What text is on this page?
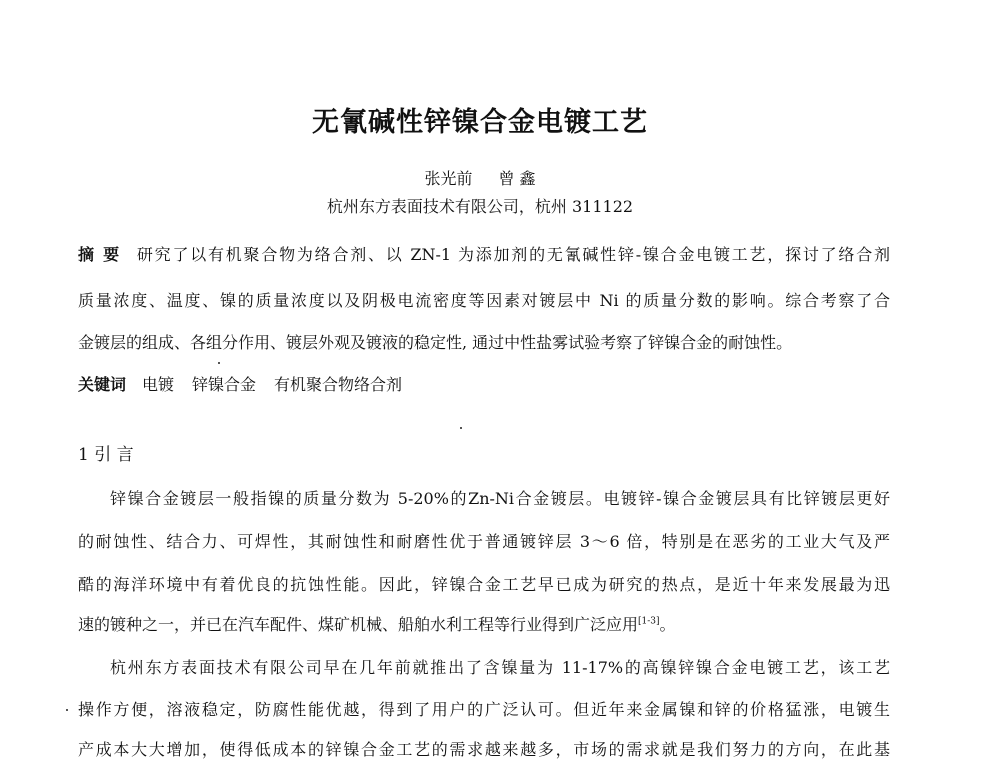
无氰碱性锌镍合金电镀工艺
张光前 曾 鑫
杭州东方表面技术有限公司，杭州 311122
摘 要 研究了以有机聚合物为络合剂、以 ZN-1 为添加剂的无氰碱性锌-镍合金电镀工艺，探讨了络合剂
质量浓度、温度、镍的质量浓度以及阴极电流密度等因素对镀层中 Ni 的质量分数的影响。综合考察了合
金镀层的组成、各组分作用、镀层外观及镀液的稳定性, 通过中性盐雾试验考察了锌镍合金的耐蚀性。
关键词 电镀 锌镍合金 有机聚合物络合剂
1 引 言
锌镍合金镀层一般指镍的质量分数为 5-20%的Zn-Ni合金镀层。电镀锌-镍合金镀层具有比锌镀层更好
的耐蚀性、结合力、可焊性，其耐蚀性和耐磨性优于普通镀锌层 3～6 倍，特别是在恶劣的工业大气及严
酷的海洋环境中有着优良的抗蚀性能。因此，锌镍合金工艺早已成为研究的热点，是近十年来发展最为迅
速的镀种之一，并已在汽车配件、煤矿机械、船舶水利工程等行业得到广泛应用[1-3]。
杭州东方表面技术有限公司早在几年前就推出了含镍量为 11-17%的高镍锌镍合金电镀工艺，该工艺
操作方便，溶液稳定，防腐性能优越，得到了用户的广泛认可。但近年来金属镍和锌的价格猛涨，电镀生
产成本大大增加，使得低成本的锌镍合金工艺的需求越来越多，市场的需求就是我们努力的方向，在此基
